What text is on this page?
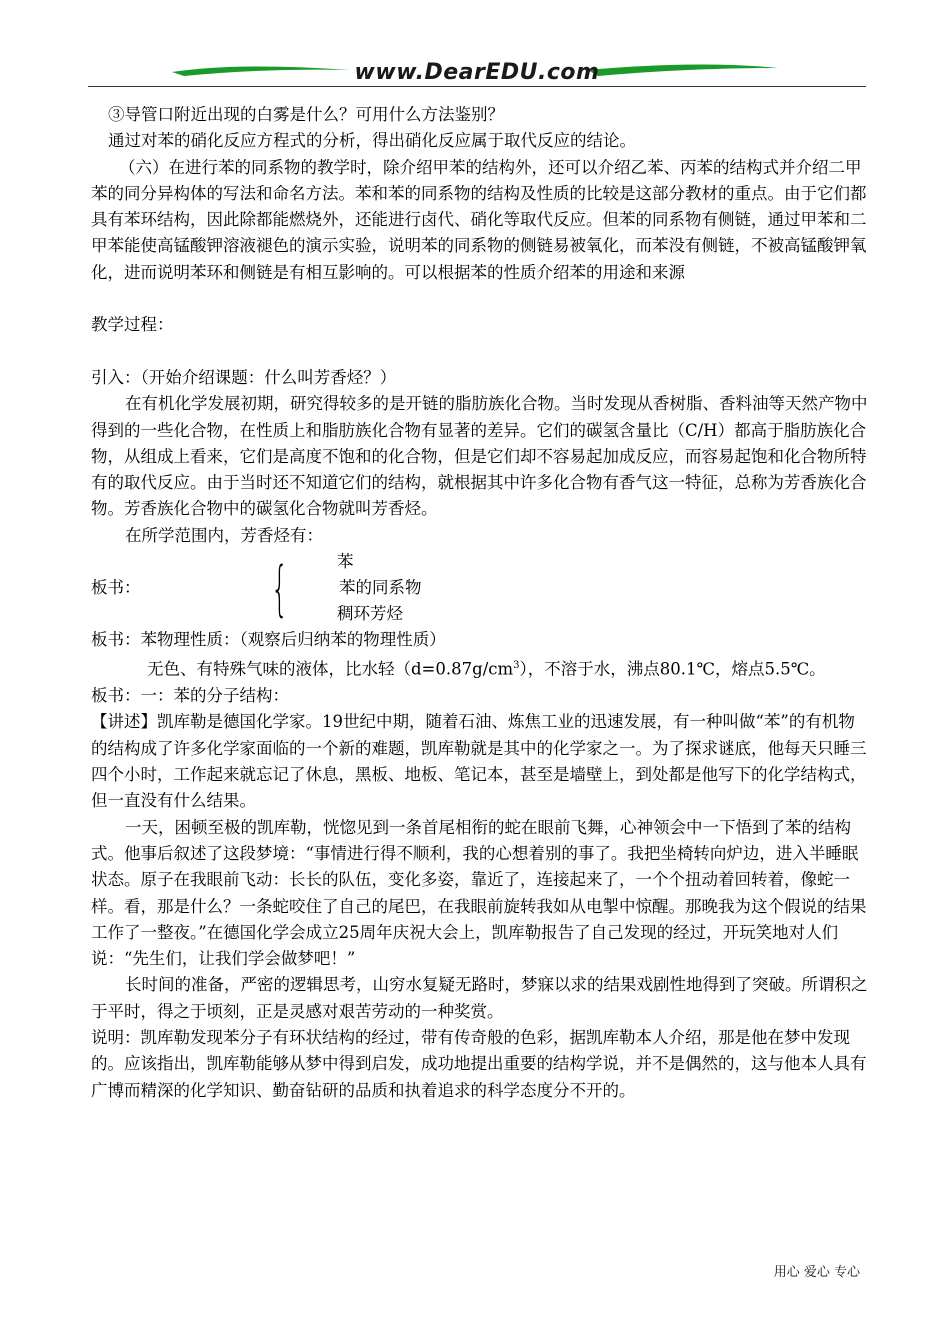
www.DearEDU.com

③导管口附近出现的白雾是什么？可用什么方法鉴别？

通过对苯的硝化反应方程式的分析，得出硝化反应属于取代反应的结论。

（六）在进行苯的同系物的教学时，除介绍甲苯的结构外，还可以介绍乙苯、丙苯的结构式并介绍二甲苯的同分异构体的写法和命名方法。苯和苯的同系物的结构及性质的比较是这部分教材的重点。由于它们都具有苯环结构，因此除都能燃烧外，还能进行卤代、硝化等取代反应。但苯的同系物有侧链，通过甲苯和二甲苯能使高锰酸钾溶液褪色的演示实验，说明苯的同系物的侧链易被氧化，而苯没有侧链，不被高锰酸钾氧化，进而说明苯环和侧链是有相互影响的。可以根据苯的性质介绍苯的用途和来源

教学过程：

引入：（开始介绍课题：什么叫芳香烃？）

在有机化学发展初期，研究得较多的是开链的脂肪族化合物。当时发现从香树脂、香料油等天然产物中得到的一些化合物，在性质上和脂肪族化合物有显著的差异。它们的碳氢含量比（C/H）都高于脂肪族化合物，从组成上看来，它们是高度不饱和的化合物，但是它们却不容易起加成反应，而容易起饱和化合物所特有的取代反应。由于当时还不知道它们的结构，就根据其中许多化合物有香气这一特征，总称为芳香族化合物。芳香族化合物中的碳氢化合物就叫芳香烃。

在所学范围内，芳香烃有：

板书： {	苯
苯的同系物
稠环芳烃

板书：苯物理性质：（观察后归纳苯的物理性质）

无色、有特殊气味的液体，比水轻$(d=0.87g/cm^3)$，不溶于水，沸点80.1℃，熔点5.5℃。

板书：一：苯的分子结构：

【讲述】凯库勒是德国化学家。19世纪中期，随着石油、炼焦工业的迅速发展，有一种叫做“苯”的有机物的结构成了许多化学家面临的一个新的难题，凯库勒就是其中的化学家之一。为了探求谜底，他每天只睡三四个小时，工作起来就忘记了休息，黑板、地板、笔记本，甚至是墙壁上，到处都是他写下的化学结构式，但一直没有什么结果。

一天，困顿至极的凯库勒，恍惚见到一条首尾相衔的蛇在眼前飞舞，心神领会中一下悟到了苯的结构式。他事后叙述了这段梦境：“事情进行得不顺利，我的心想着别的事了。我把坐椅转向炉边，进入半睡眠状态。原子在我眼前飞动：长长的队伍，变化多姿，靠近了，连接起来了，一个个扭动着回转着，像蛇一样。看，那是什么？一条蛇咬住了自己的尾巴，在我眼前旋转我如从电掣中惊醒。那晚我为这个假说的结果工作了一整夜。”在德国化学会成立25周年庆祝大会上，凯库勒报告了自己发现的经过，开玩笑地对人们说：“先生们，让我们学会做梦吧！”

长时间的准备，严密的逻辑思考，山穷水复疑无路时，梦寐以求的结果戏剧性地得到了突破。所谓积之于平时，得之于顷刻，正是灵感对艰苦劳动的一种奖赏。

说明：凯库勒发现苯分子有环状结构的经过，带有传奇般的色彩，据凯库勒本人介绍，那是他在梦中发现的。应该指出，凯库勒能够从梦中得到启发，成功地提出重要的结构学说，并不是偶然的，这与他本人具有广博而精深的化学知识、勤奋钻研的品质和执着追求的科学态度分不开的。

用心 爱心 专心
